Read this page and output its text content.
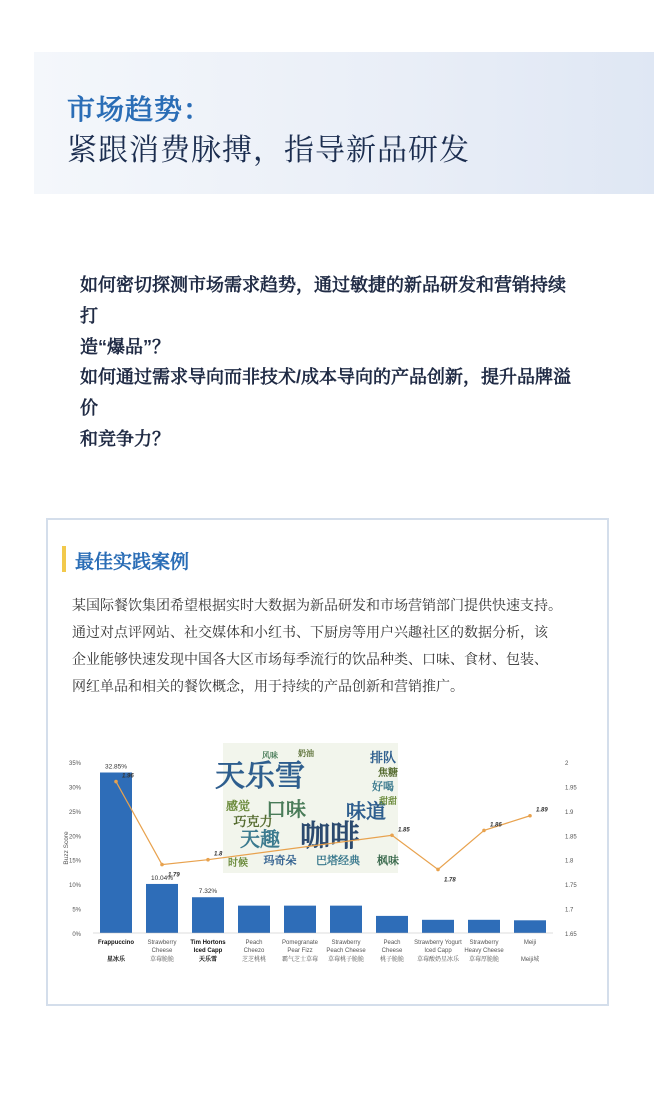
市场趋势：
紧跟消费脉搏，指导新品研发
如何密切探测市场需求趋势，通过敏捷的新品研发和营销持续打
造“爆品”？
如何通过需求导向而非技术/成本导向的产品创新，提升品牌溢价
和竞争力？
最佳实践案例

某国际餐饮集团希望根据实时大数据为新品研发和市场营销部门提供快速支持。

通过对点评网站、社交媒体和小红书、下厨房等用户兴趣社区的数据分析，该

企业能够快速发现中国各大区市场每季流行的饮品种类、口味、食材、包装、

网红单品和相关的餐饮概念，用于持续的产品创新和营销推广。

0%
5%
10%
15%
20%
25%
30%
35%
1.65
1.7
1.75
1.8
1.85
1.9
1.95
2
Buzz Score
32.85%
10.04%
7.32%
天乐雪
咖啡
天趣
口味 味道
巧克力
感觉
玛奇朵 巴塔经典 枫味
排队
时候
奶油
风味
好喝
焦糖
甜甜
1.96
1.79
1.8
1.85
1.78
1.86
1.89
Frappuccino
星冰乐
Strawberry
Cheese
草莓脆脆
Tim Hortons
Iced Capp
天乐雪
Peach
Cheezo
芝芝桃桃
Pomegranate
Pear Fizz
霸气芝士草莓
Strawberry
Peach Cheese
草莓桃子脆脆
Peach
Cheese
桃子脆脆
Strawberry Yogurt
Iced Capp
草莓酸奶星冰乐
Strawberry
Heavy Cheese
草莓厚脆脆
Meiji
Meiji城
